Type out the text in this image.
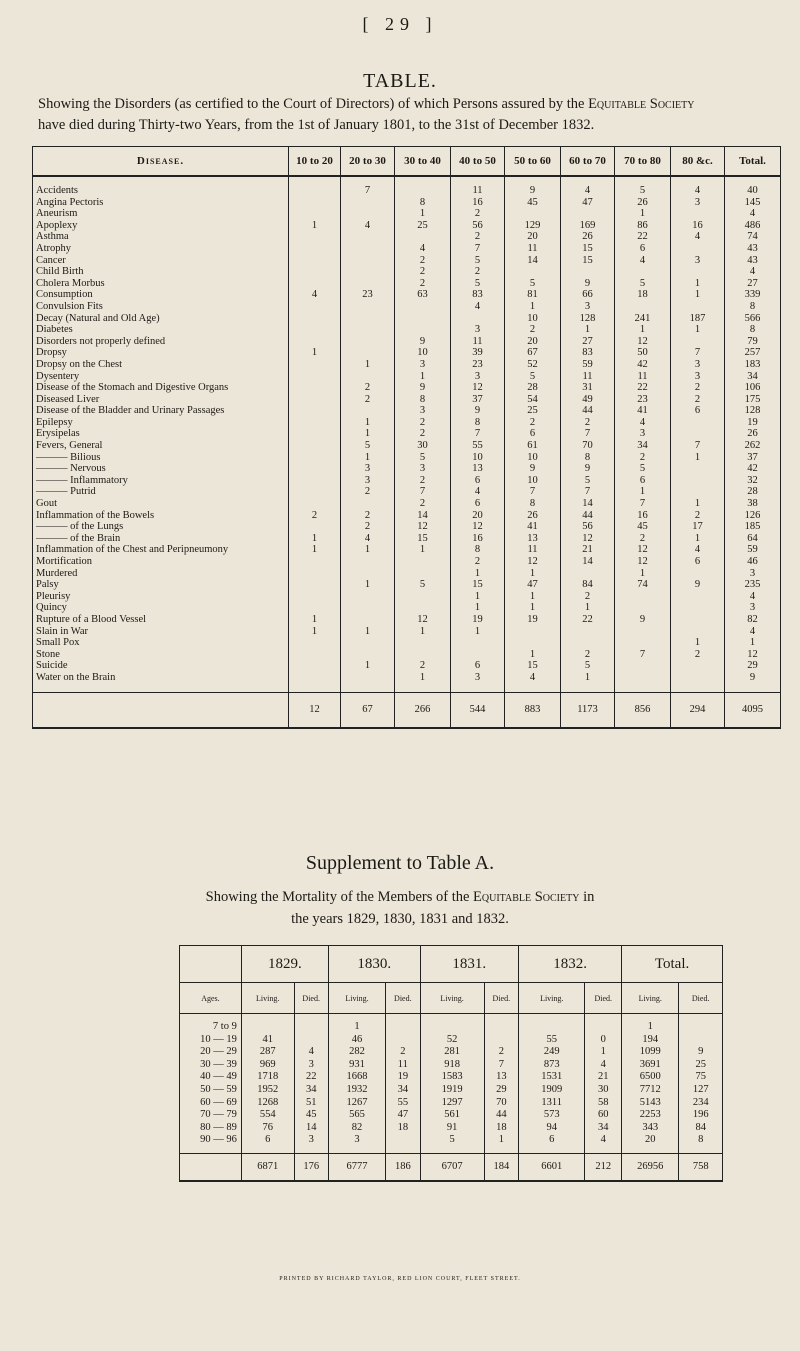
[ 29 ]
TABLE.
Showing the Disorders (as certified to the Court of Directors) of which Persons assured by the Equitable Society
have died during Thirty-two Years, from the 1st of January 1801, to the 31st of December 1832.
Disease.	10 to 20	20 to 30	30 to 40	40 to 50	50 to 60	60 to 70	70 to 80	80 &c.	Total.
Accidents		7		11	9	4	5	4	40
Angina Pectoris			8	16	45	47	26	3	145
Aneurism			1	2			1		4
Apoplexy	1	4	25	56	129	169	86	16	486
Asthma				2	20	26	22	4	74
Atrophy			4	7	11	15	6		43
Cancer			2	5	14	15	4	3	43
Child Birth			2	2					4
Cholera Morbus			2	5	5	9	5	1	27
Consumption	4	23	63	83	81	66	18	1	339
Convulsion Fits				4	1	3			8
Decay (Natural and Old Age)					10	128	241	187	566
Diabetes				3	2	1	1	1	8
Disorders not properly defined			9	11	20	27	12		79
Dropsy	1		10	39	67	83	50	7	257
Dropsy on the Chest		1	3	23	52	59	42	3	183
Dysentery			1	3	5	11	11	3	34
Disease of the Stomach and Digestive Organs		2	9	12	28	31	22	2	106
Diseased Liver		2	8	37	54	49	23	2	175
Disease of the Bladder and Urinary Passages			3	9	25	44	41	6	128
Epilepsy		1	2	8	2	2	4		19
Erysipelas		1	2	7	6	7	3		26
Fevers, General		5	30	55	61	70	34	7	262
——— Bilious		1	5	10	10	8	2	1	37
——— Nervous		3	3	13	9	9	5		42
——— Inflammatory		3	2	6	10	5	6		32
——— Putrid		2	7	4	7	7	1		28
Gout			2	6	8	14	7	1	38
Inflammation of the Bowels	2	2	14	20	26	44	16	2	126
——— of the Lungs		2	12	12	41	56	45	17	185
——— of the Brain	1	4	15	16	13	12	2	1	64
Inflammation of the Chest and Peripneumony	1	1	1	8	11	21	12	4	59
Mortification				2	12	14	12	6	46
Murdered				1	1		1		3
Palsy		1	5	15	47	84	74	9	235
Pleurisy				1	1	2			4
Quincy				1	1	1			3
Rupture of a Blood Vessel	1		12	19	19	22	9		82
Slain in War	1	1	1	1					4
Small Pox								1	1
Stone					1	2	7	2	12
Suicide		1	2	6	15	5			29
Water on the Brain			1	3	4	1			9
	12	67	266	544	883	1173	856	294	4095
Supplement to Table A.
Showing the Mortality of the Members of the Equitable Society in
the years 1829, 1830, 1831 and 1832.
	1829.		1830.		1831.		1832.		Total.	
Ages.	Living.	Died.	Living.	Died.	Living.	Died.	Living.	Died.	Living.	Died.
7 to 9			1						1	
10 — 19	41		46		52		55	0	194	
20 — 29	287	4	282	2	281	2	249	1	1099	9
30 — 39	969	3	931	11	918	7	873	4	3691	25
40 — 49	1718	22	1668	19	1583	13	1531	21	6500	75
50 — 59	1952	34	1932	34	1919	29	1909	30	7712	127
60 — 69	1268	51	1267	55	1297	70	1311	58	5143	234
70 — 79	554	45	565	47	561	44	573	60	2253	196
80 — 89	76	14	82	18	91	18	94	34	343	84
90 — 96	6	3	3		5	1	6	4	20	8
	6871	176	6777	186	6707	184	6601	212	26956	758
PRINTED BY RICHARD TAYLOR, RED LION COURT, FLEET STREET.
